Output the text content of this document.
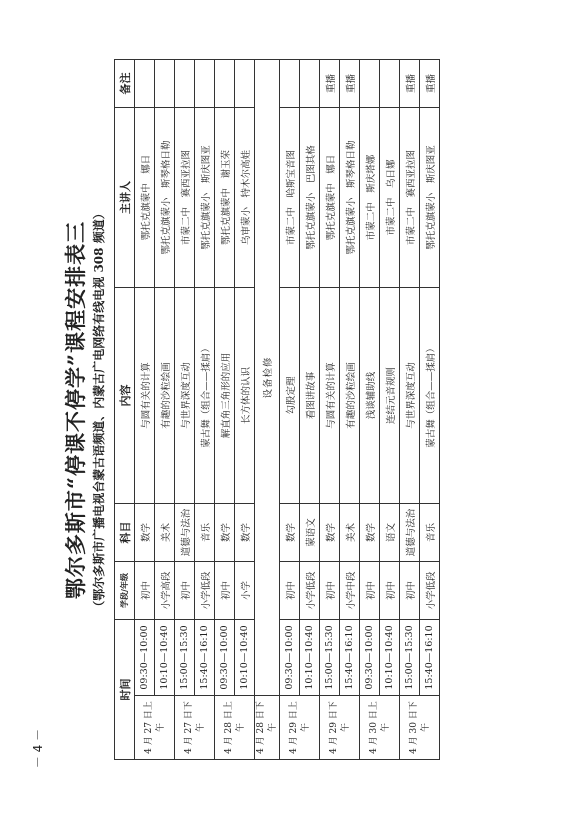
鄂尔多斯市“停课不停学”课程安排表三 （鄂尔多斯市广播电视台蒙古语频道、内蒙古广电网络有线电视 308 频道）
时间		学段/年级	科目	内容	主讲人	备注
4 月 27 日上午	09:30—10:00	初中	数学	与圆有关的计算	鄂托克旗蒙中　娜日	
	10:10—10:40	小学高段	美术	有趣的沙粒绘画	鄂托克旗蒙小　斯琴格日勒	
4 月 27 日下午	15:00—15:30	初中	道德与法治	与世界深度互动	市蒙二中　赛西亚拉图	
	15:40—16:10	小学低段	音乐	蒙古舞（组合——揉肩）	鄂托克旗蒙小　斯庆图亚	
4 月 28 日上午	09:30—10:00	初中	数学	解直角三角形的应用	鄂托克旗蒙中　谢玉荣	
	10:10—10:40	小学	数学	长方体的认识	乌审蒙小　特木尔高娃	
4 月 28 日下午	设备检修					

4 月 29 日上午	09:30—10:00	初中	数学	勾股定理	市蒙二中　哈斯宝音图	
	10:10—10:40	小学低段	蒙语文	看图讲故事	鄂托克旗蒙小　巴图其格	
4 月 29 日下午	15:00—15:30	初中	数学	与圆有关的计算	鄂托克旗蒙中　娜日	重播
	15:40—16:10	小学中段	美术	有趣的沙粒绘画	鄂托克旗蒙小　斯琴格日勒	重播
4 月 30 日上午	09:30—10:00	初中	数学	浅谈辅助线	市蒙二中　斯庆塔娜	
	10:10—10:40	初中	语文	连结元音规则	市蒙二中　乌日娜	
4 月 30 日下午	15:00—15:30	初中	道德与法治	与世界深度互动	市蒙二中　赛西亚拉图	重播
	15:40—16:10	小学低段	音乐	蒙古舞（组合——揉肩）	鄂托克旗蒙小　斯庆图亚	重播
－ 4 －
